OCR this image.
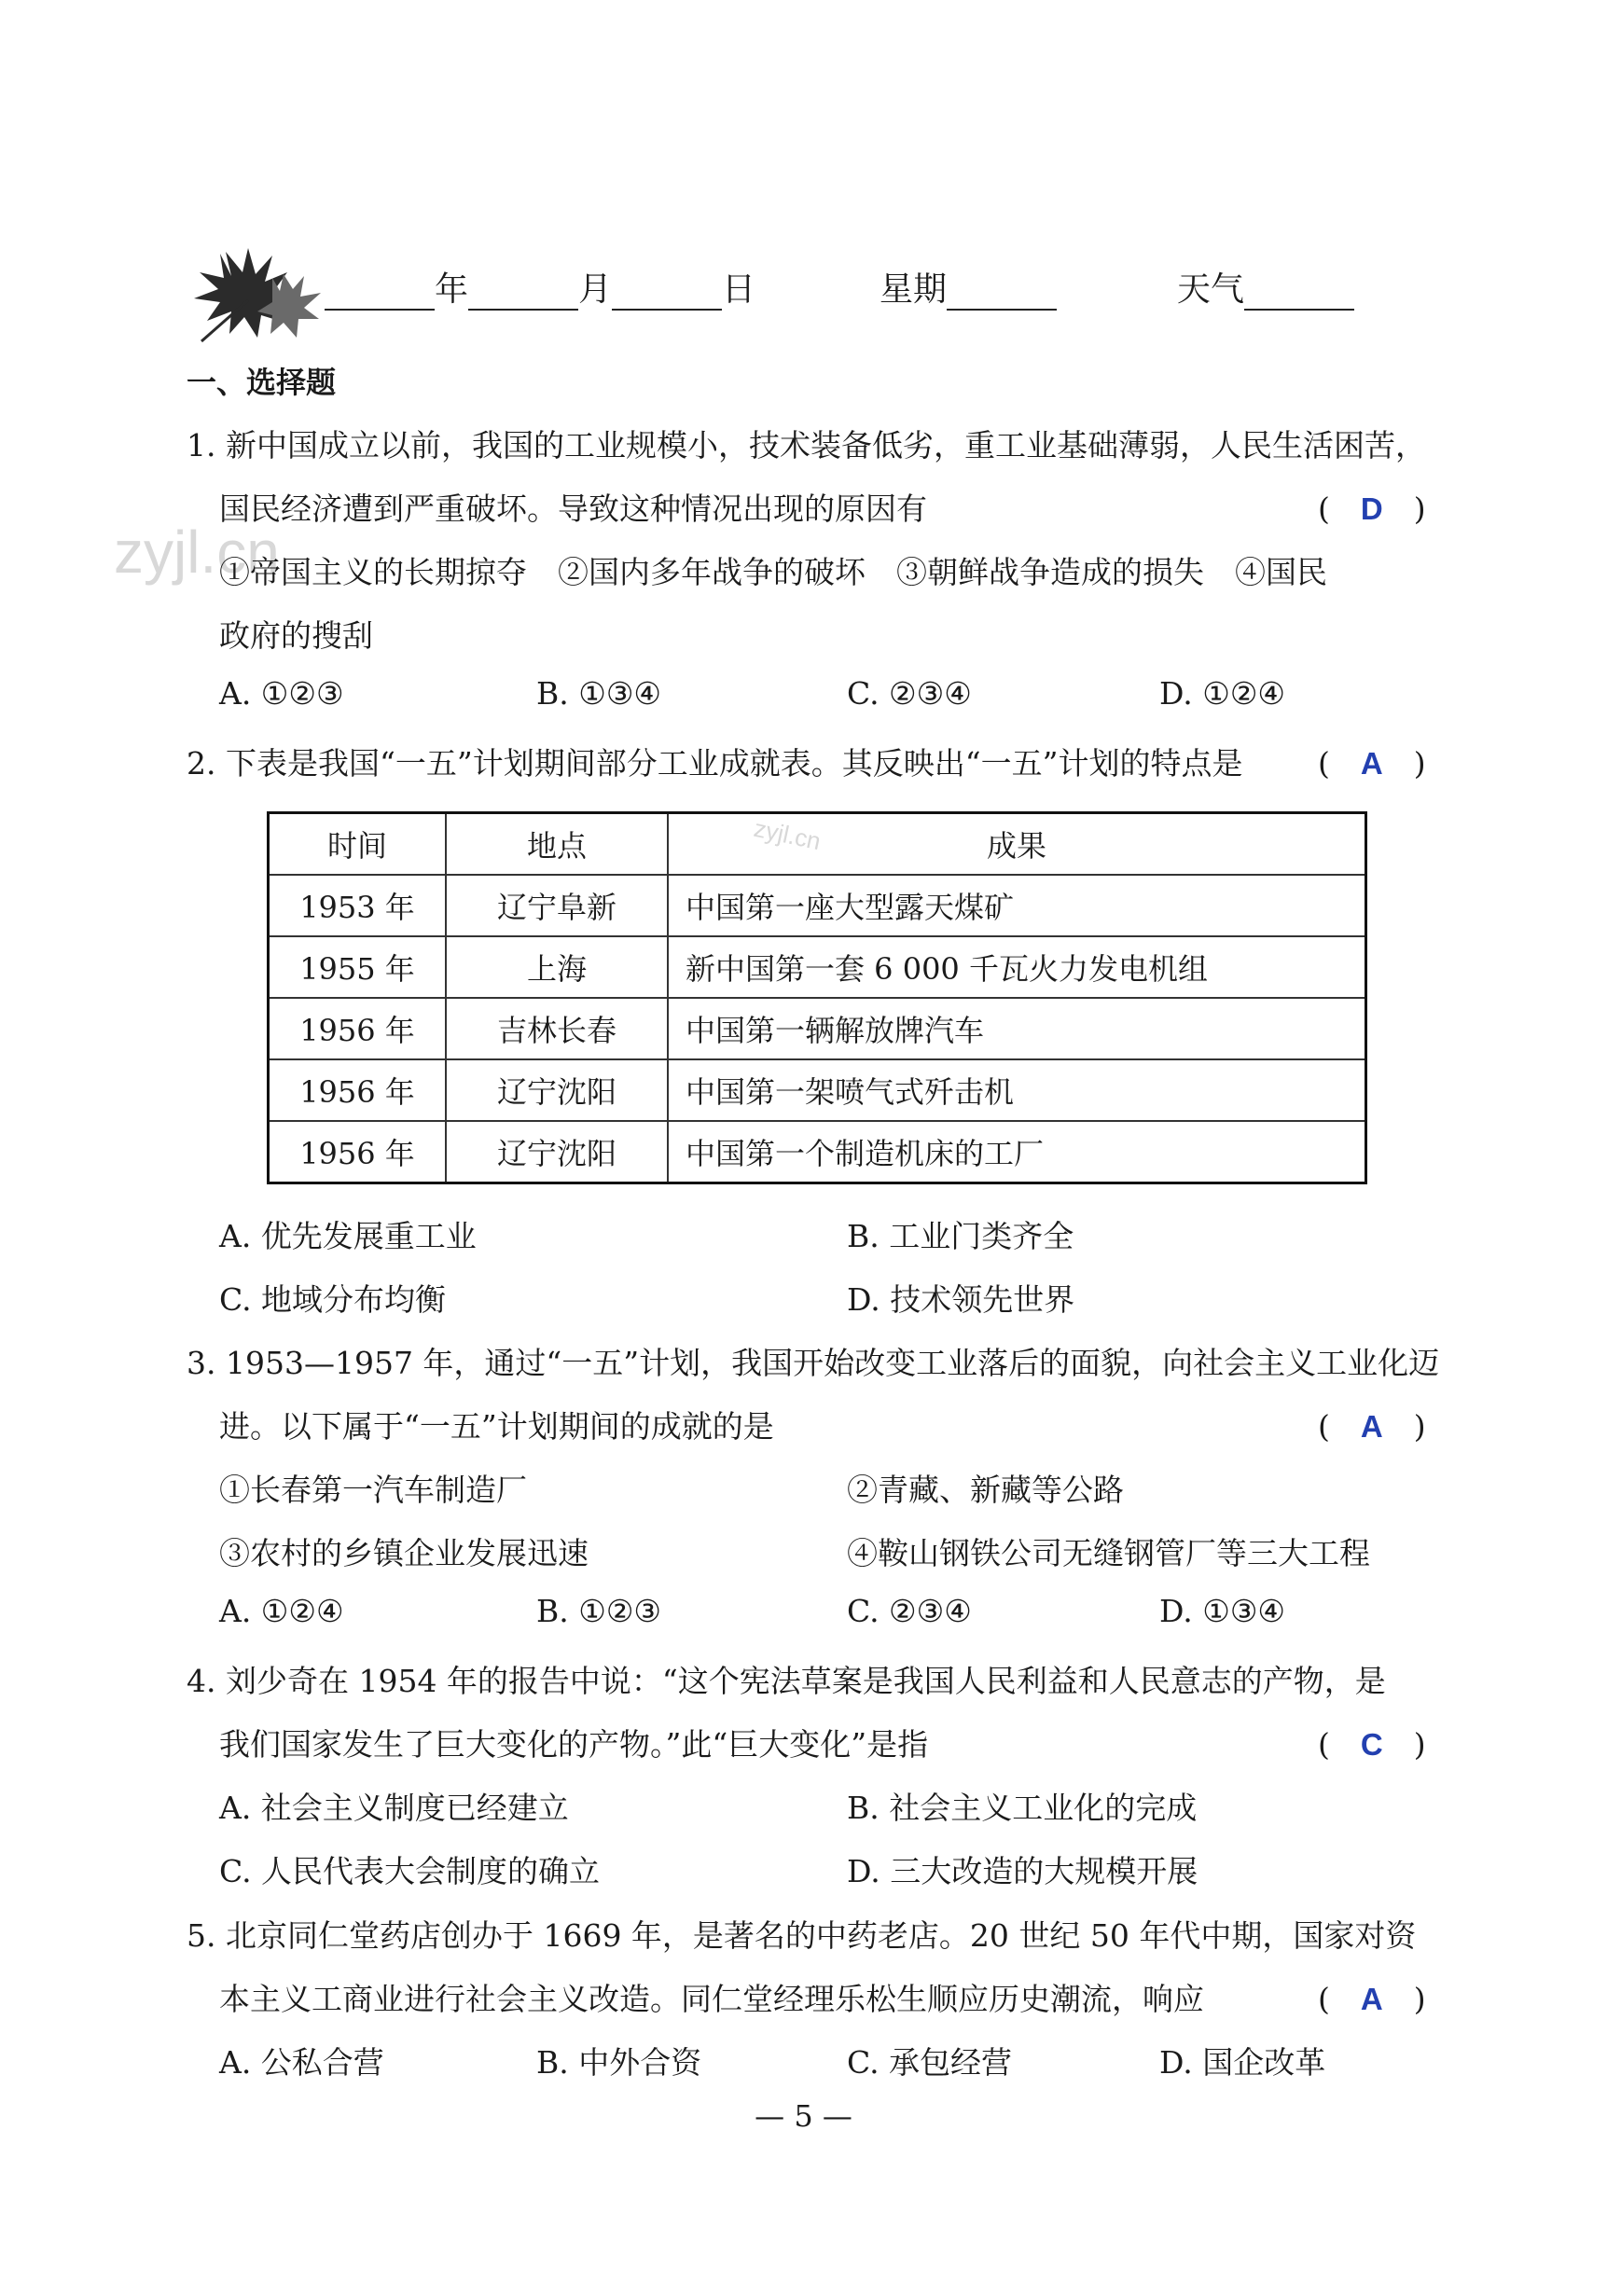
年	月	日	星期	天气
zyjl.cn
一、选择题
1. 新中国成立以前，我国的工业规模小，技术装备低劣，重工业基础薄弱，人民生活困苦，
国民经济遭到严重破坏。导致这种情况出现的原因有	(　D　)
①帝国主义的长期掠夺　②国内多年战争的破坏　③朝鲜战争造成的损失　④国民
政府的搜刮
A. ①②③	B. ①③④	C. ②③④	D. ①②④
2. 下表是我国“一五”计划期间部分工业成就表。其反映出“一五”计划的特点是 (　A　)
时间	地点	成果
1953 年	辽宁阜新	中国第一座大型露天煤矿
1955 年	上海	新中国第一套 6 000 千瓦火力发电机组
1956 年	吉林长春	中国第一辆解放牌汽车
1956 年	辽宁沈阳	中国第一架喷气式歼击机
1956 年	辽宁沈阳	中国第一个制造机床的工厂
zyjl.cn
A. 优先发展重工业	B. 工业门类齐全
C. 地域分布均衡	D. 技术领先世界
3. 1953—1957 年，通过“一五”计划，我国开始改变工业落后的面貌，向社会主义工业化迈
进。以下属于“一五”计划期间的成就的是	(　A　)
①长春第一汽车制造厂	②青藏、新藏等公路
③农村的乡镇企业发展迅速	④鞍山钢铁公司无缝钢管厂等三大工程
A. ①②④	B. ①②③	C. ②③④	D. ①③④
4. 刘少奇在 1954 年的报告中说：“这个宪法草案是我国人民利益和人民意志的产物，是
我们国家发生了巨大变化的产物。”此“巨大变化”是指	(　C　)
A. 社会主义制度已经建立	B. 社会主义工业化的完成
C. 人民代表大会制度的确立	D. 三大改造的大规模开展
5. 北京同仁堂药店创办于 1669 年，是著名的中药老店。20 世纪 50 年代中期，国家对资
本主义工商业进行社会主义改造。同仁堂经理乐松生顺应历史潮流，响应	(　A　)
A. 公私合营	B. 中外合资	C. 承包经营	D. 国企改革
— 5 —
